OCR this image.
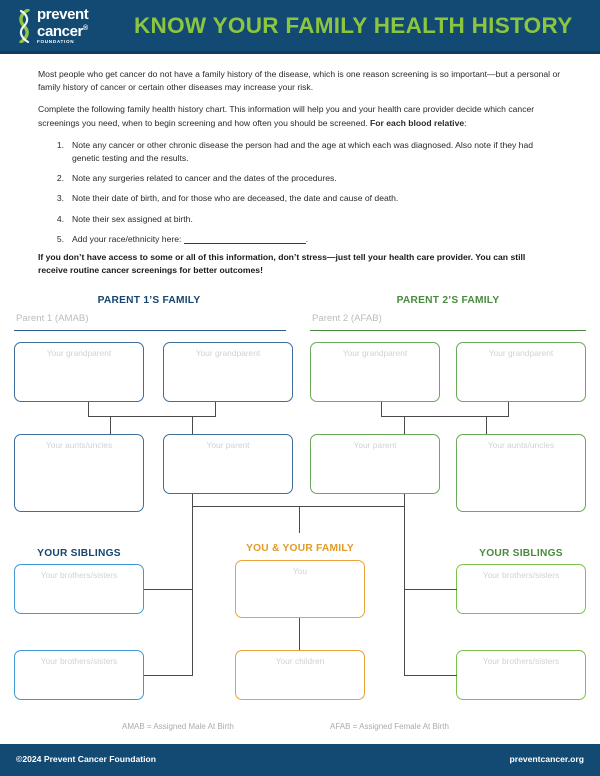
prevent
cancer®
FOUNDATION
KNOW YOUR FAMILY HEALTH HISTORY

Most people who get cancer do not have a family history of the disease, which is one reason screening is so important—but a personal or family history of cancer or certain other diseases may increase your risk.

Complete the following family health history chart. This information will help you and your health care provider decide which cancer screenings you need, when to begin screening and how often you should be screened. For each blood relative:

1. Note any cancer or other chronic disease the person had and the age at which each was diagnosed. Also note if they had genetic testing and the results.
2. Note any surgeries related to cancer and the dates of the procedures.
3. Note their date of birth, and for those who are deceased, the date and cause of death.
4. Note their sex assigned at birth.
5. Add your race/ethnicity here:	.
If you don’t have access to some or all of this information, don’t stress—just tell your health care provider. You can still receive routine cancer screenings for better outcomes!
PARENT 1’S FAMILY	PARENT 2’S FAMILY
Parent 1 (AMAB)	Parent 2 (AFAB)
Your grandparent	Your grandparent	Your grandparent	Your grandparent
Your aunts/uncles	Your parent	Your parent	Your aunts/uncles
YOUR SIBLINGS	YOU & YOUR FAMILY	YOUR SIBLINGS
Your brothers/sisters
Your brothers/sisters
Your brothers/sisters
Your brothers/sisters
You
Your children
AMAB = Assigned Male At Birth	AFAB = Assigned Female At Birth
©2024 Prevent Cancer Foundation	preventcancer.org
